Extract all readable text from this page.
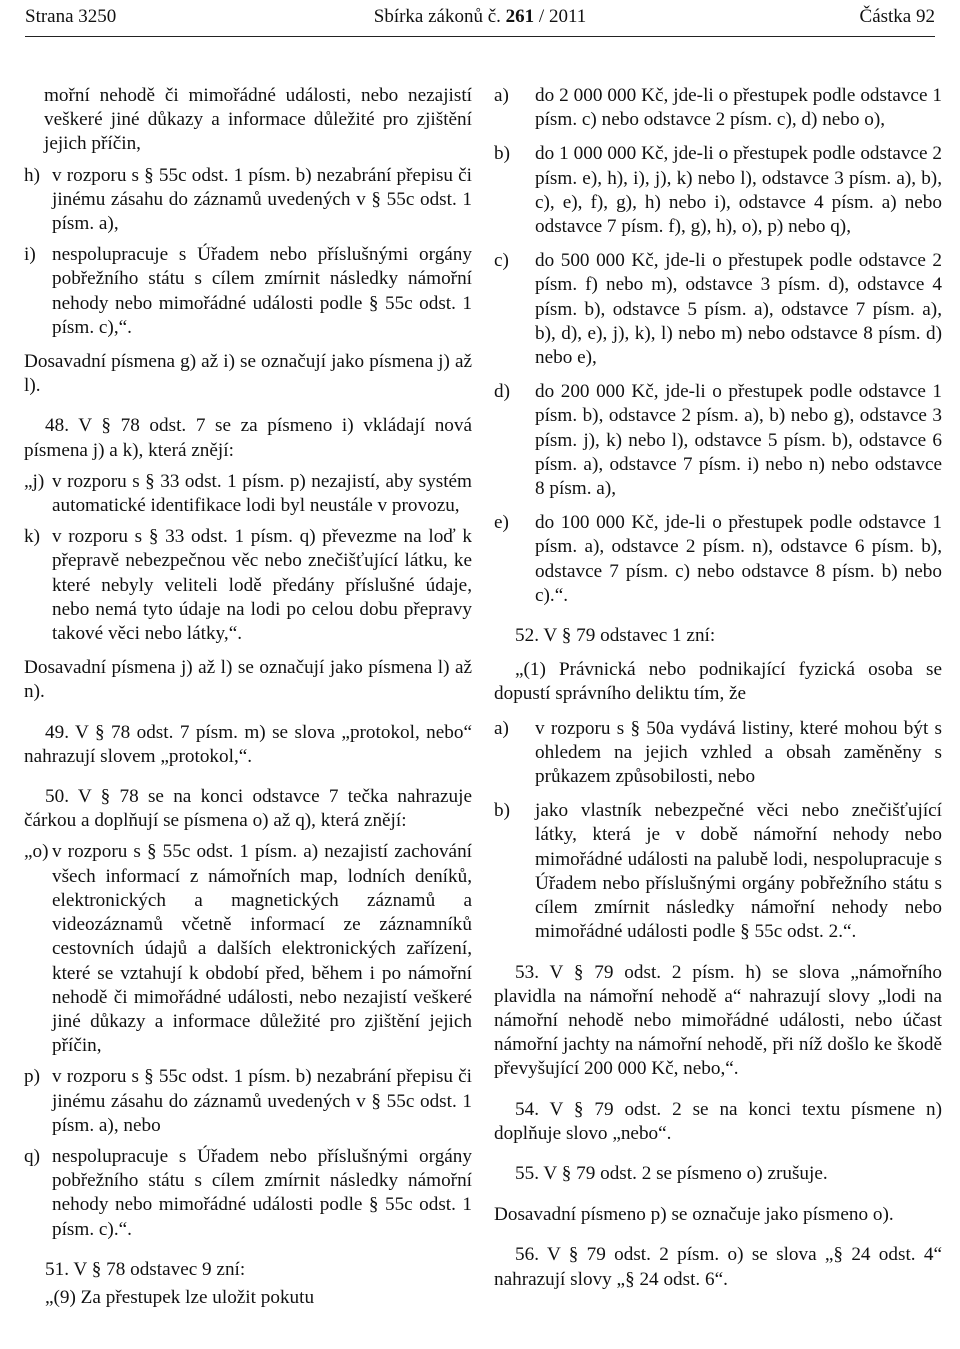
Strana 3250	Sbírka zákonů č. 261 / 2011	Částka 92

mořní nehodě či mimořádné události, nebo nezajistí veškeré jiné důkazy a informace důležité pro zjištění jejich příčin,

h) v rozporu s § 55c odst. 1 písm. b) nezabrání přepisu či jinému zásahu do záznamů uvedených v § 55c odst. 1 písm. a),
i) nespolupracuje s Úřadem nebo příslušnými orgány pobřežního státu s cílem zmírnit následky námořní nehody nebo mimořádné události podle § 55c odst. 1 písm. c),“.

Dosavadní písmena g) až i) se označují jako písmena j) až l).

48. V § 78 odst. 7 se za písmeno i) vkládají nová písmena j) a k), která znějí:

„j) v rozporu s § 33 odst. 1 písm. p) nezajistí, aby systém automatické identifikace lodi byl neustále v provozu,
k) v rozporu s § 33 odst. 1 písm. q) převezme na loď k přepravě nebezpečnou věc nebo znečišťující látku, ke které nebyly veliteli lodě předány příslušné údaje, nebo nemá tyto údaje na lodi po celou dobu přepravy takové věci nebo látky,“.

Dosavadní písmena j) až l) se označují jako písmena l) až n).

49. V § 78 odst. 7 písm. m) se slova „protokol, nebo“ nahrazují slovem „protokol,“.

50. V § 78 se na konci odstavce 7 tečka nahrazuje čárkou a doplňují se písmena o) až q), která znějí:

„o) v rozporu s § 55c odst. 1 písm. a) nezajistí zachování všech informací z námořních map, lodních deníků, elektronických a magnetických záznamů a videozáznamů včetně informací ze záznamníků cestovních údajů a dalších elektronických zařízení, které se vztahují k období před, během i po námořní nehodě či mimořádné události, nebo nezajistí veškeré jiné důkazy a informace důležité pro zjištění jejich příčin,
p) v rozporu s § 55c odst. 1 písm. b) nezabrání přepisu či jinému zásahu do záznamů uvedených v § 55c odst. 1 písm. a), nebo
q) nespolupracuje s Úřadem nebo příslušnými orgány pobřežního státu s cílem zmírnit následky námořní nehody nebo mimořádné události podle § 55c odst. 1 písm. c).“.

51. V § 78 odstavec 9 zní:

„(9) Za přestupek lze uložit pokutu

a)	do 2 000 000 Kč, jde-li o přestupek podle odstavce 1 písm. c) nebo odstavce 2 písm. c), d) nebo o),
b)	do 1 000 000 Kč, jde-li o přestupek podle odstavce 2 písm. e), h), i), j), k) nebo l), odstavce 3 písm. a), b), c), e), f), g), h) nebo i), odstavce 4 písm. a) nebo odstavce 7 písm. f), g), h), o), p) nebo q),
c)	do 500 000 Kč, jde-li o přestupek podle odstavce 2 písm. f) nebo m), odstavce 3 písm. d), odstavce 4 písm. b), odstavce 5 písm. a), odstavce 7 písm. a), b), d), e), j), k), l) nebo m) nebo odstavce 8 písm. d) nebo e),
d)	do 200 000 Kč, jde-li o přestupek podle odstavce 1 písm. b), odstavce 2 písm. a), b) nebo g), odstavce 3 písm. j), k) nebo l), odstavce 5 písm. b), odstavce 6 písm. a), odstavce 7 písm. i) nebo n) nebo odstavce 8 písm. a),
e)	do 100 000 Kč, jde-li o přestupek podle odstavce 1 písm. a), odstavce 2 písm. n), odstavce 6 písm. b), odstavce 7 písm. c) nebo odstavce 8 písm. b) nebo c).“.

52. V § 79 odstavec 1 zní:

„(1) Právnická nebo podnikající fyzická osoba se dopustí správního deliktu tím, že

a)	v rozporu s § 50a vydává listiny, které mohou být s ohledem na jejich vzhled a obsah zaměněny s průkazem způsobilosti, nebo
b)	jako vlastník nebezpečné věci nebo znečišťující látky, která je v době námořní nehody nebo mimořádné události na palubě lodi, nespolupracuje s Úřadem nebo příslušnými orgány pobřežního státu s cílem zmírnit následky námořní nehody nebo mimořádné události podle § 55c odst. 2.“.

53. V § 79 odst. 2 písm. h) se slova „námořního plavidla na námořní nehodě a“ nahrazují slovy „lodi na námořní nehodě nebo mimořádné události, nebo účast námořní jachty na námořní nehodě, při níž došlo ke škodě převyšující 200 000 Kč, nebo,“.

54. V § 79 odst. 2 se na konci textu písmene n) doplňuje slovo „nebo“.

55. V § 79 odst. 2 se písmeno o) zrušuje.

Dosavadní písmeno p) se označuje jako písmeno o).

56. V § 79 odst. 2 písm. o) se slova „§ 24 odst. 4“ nahrazují slovy „§ 24 odst. 6“.
